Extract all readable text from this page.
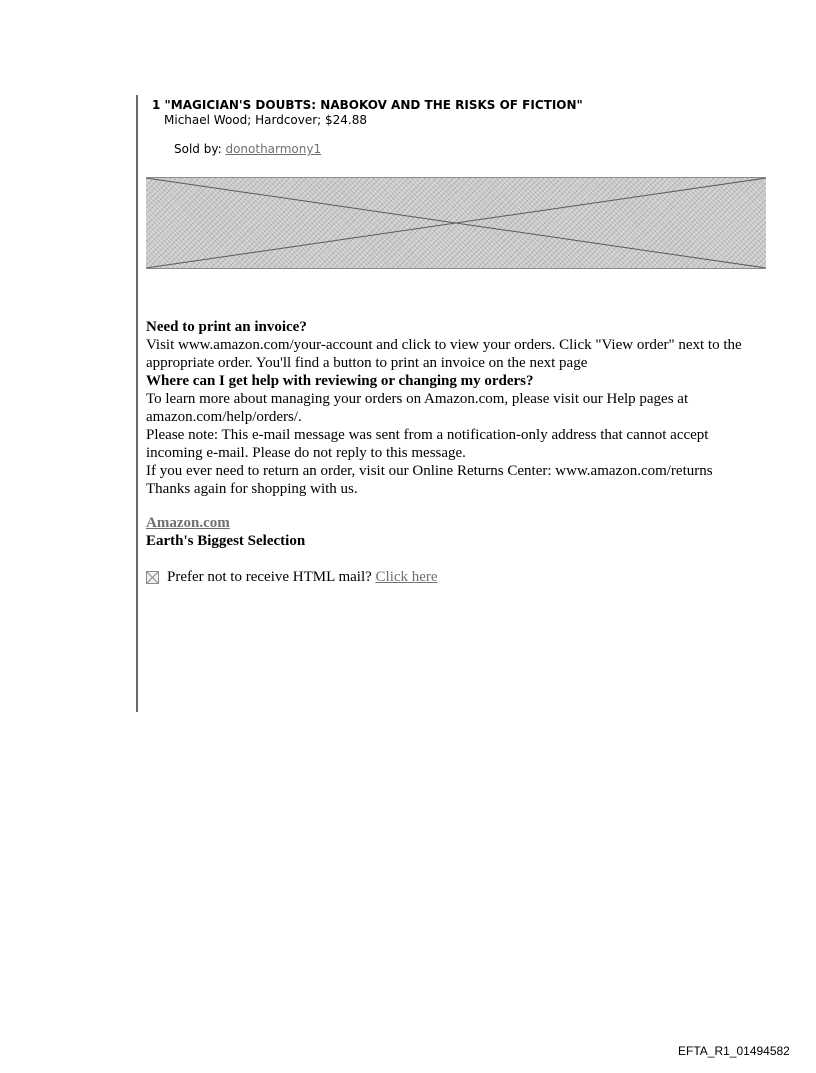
1 "MAGICIAN'S DOUBTS: NABOKOV AND THE RISKS OF FICTION"

Michael Wood; Hardcover; $24.88

Sold by: donotharmony1

Need to print an invoice?

Visit www.amazon.com/your-account and click to view your orders. Click "View order" next to the appropriate order. You'll find a button to print an invoice on the next page

Where can I get help with reviewing or changing my orders?

To learn more about managing your orders on Amazon.com, please visit our Help pages at amazon.com/help/orders/.

Please note: This e-mail message was sent from a notification-only address that cannot accept incoming e-mail. Please do not reply to this message.

If you ever need to return an order, visit our Online Returns Center: www.amazon.com/returns

Thanks again for shopping with us.

Amazon.com
Earth's Biggest Selection
Prefer not to receive HTML mail?
Click here
EFTA_R1_01494582
